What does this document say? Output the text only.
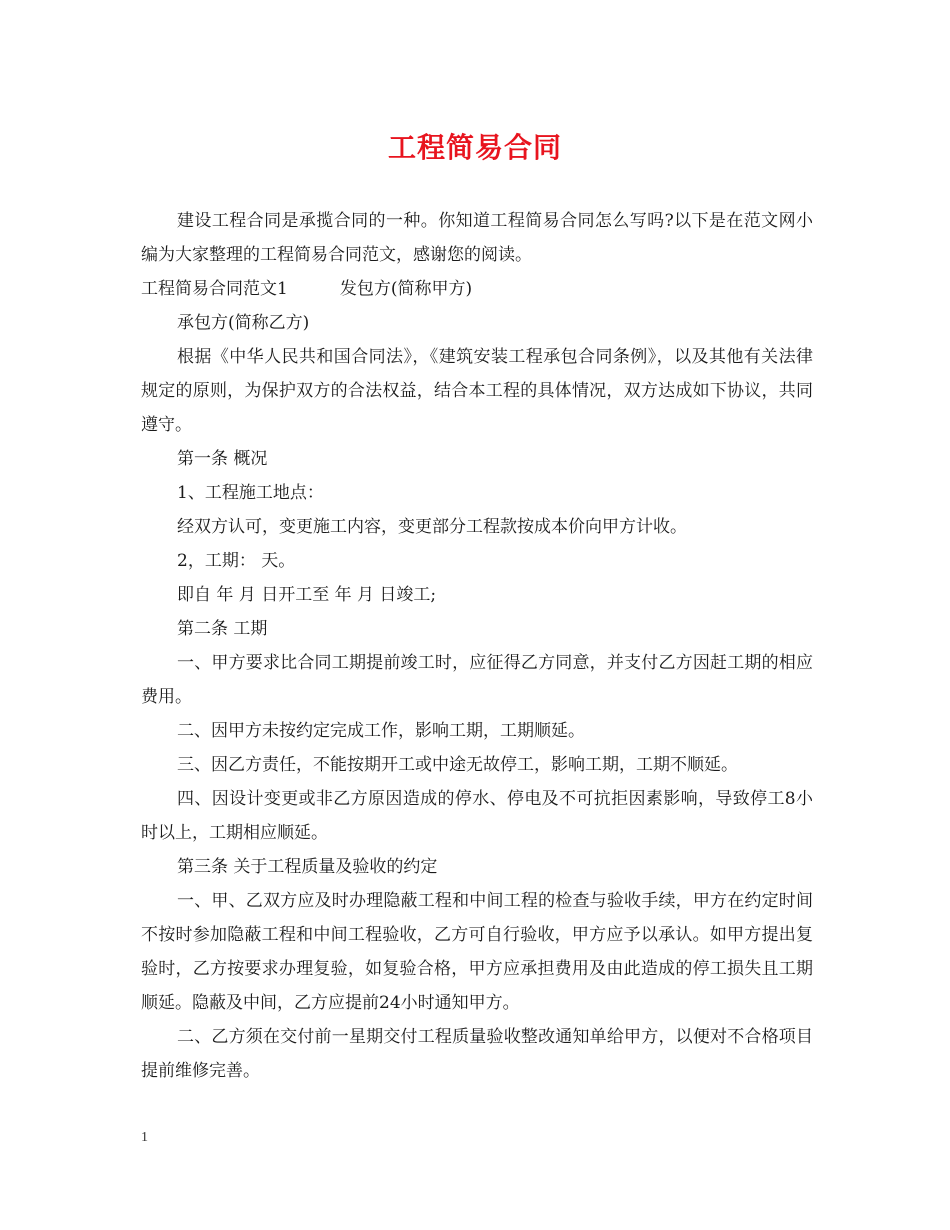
工程简易合同

建设工程合同是承揽合同的一种。你知道工程简易合同怎么写吗?以下是在范文网小编为大家整理的工程简易合同范文，感谢您的阅读。

工程简易合同范文1	发包方(简称甲方)

承包方(简称乙方)

根据《中华人民共和国合同法》，《建筑安装工程承包合同条例》，以及其他有关法律规定的原则，为保护双方的合法权益，结合本工程的具体情况，双方达成如下协议，共同遵守。

第一条 概况

1、工程施工地点：

经双方认可，变更施工内容，变更部分工程款按成本价向甲方计收。

2，工期： 天。

即自 年 月 日开工至 年 月 日竣工;

第二条 工期

一、甲方要求比合同工期提前竣工时，应征得乙方同意，并支付乙方因赶工期的相应费用。

二、因甲方未按约定完成工作，影响工期，工期顺延。

三、因乙方责任，不能按期开工或中途无故停工，影响工期，工期不顺延。

四、因设计变更或非乙方原因造成的停水、停电及不可抗拒因素影响，导致停工8小时以上，工期相应顺延。

第三条 关于工程质量及验收的约定

一、甲、乙双方应及时办理隐蔽工程和中间工程的检查与验收手续，甲方在约定时间不按时参加隐蔽工程和中间工程验收，乙方可自行验收，甲方应予以承认。如甲方提出复验时，乙方按要求办理复验，如复验合格，甲方应承担费用及由此造成的停工损失且工期顺延。隐蔽及中间，乙方应提前24小时通知甲方。

二、乙方须在交付前一星期交付工程质量验收整改通知单给甲方，以便对不合格项目提前维修完善。

1
